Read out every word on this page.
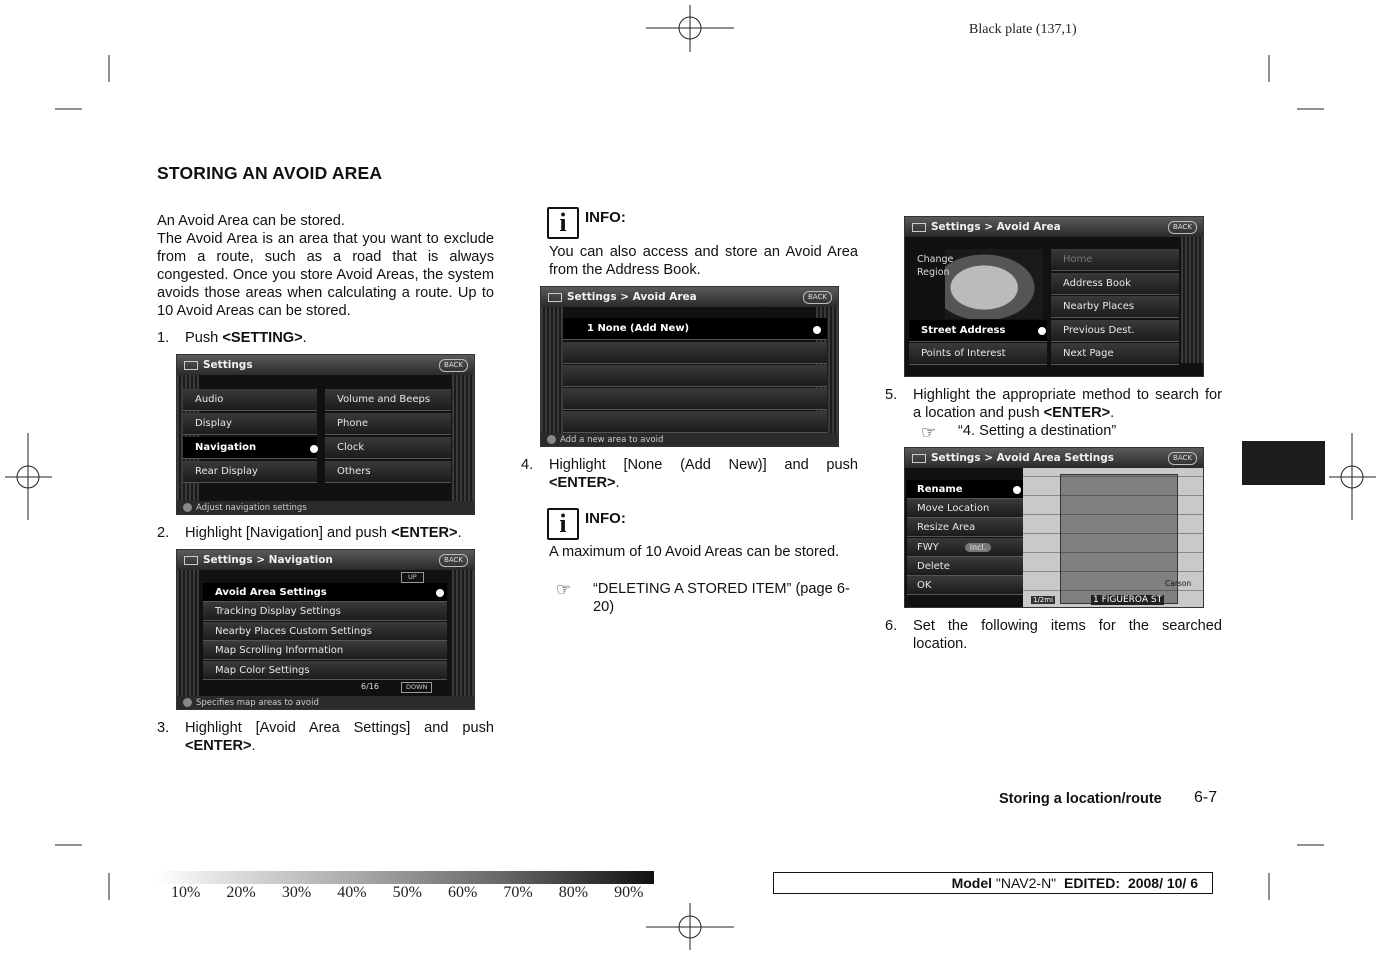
Black plate (137,1)
STORING AN AVOID AREA
An Avoid Area can be stored.
The Avoid Area is an area that you want to exclude from a route, such as a road that is always congested. Once you store Avoid Areas, the system avoids those areas when calculating a route. Up to 10 Avoid Areas can be stored.
1.	Push <SETTING>.
Settings	BACK
Audio
Display
Navigation
Rear Display
Volume and Beeps
Phone
Clock
Others
Adjust navigation settings
2.	Highlight [Navigation] and push <ENTER>.
Settings > Navigation	BACK
UP
Avoid Area Settings
Tracking Display Settings
Nearby Places Custom Settings
Map Scrolling Information
Map Color Settings
6/16	DOWN
Specifies map areas to avoid
3.	Highlight [Avoid Area Settings] and push <ENTER>.
i	INFO:
You can also access and store an Avoid Area from the Address Book.
Settings > Avoid Area	BACK
1 None (Add New)
Add a new area to avoid
4.	Highlight [None (Add New)] and push <ENTER>.
i	INFO:
A maximum of 10 Avoid Areas can be stored.
☞ “DELETING A STORED ITEM” (page 6-20)
Settings > Avoid Area	BACK
Change Region
Street Address
Points of Interest
Home
Address Book
Nearby Places
Previous Dest.
Next Page
5.	Highlight the appropriate method to search for a location and push <ENTER>.
☞ “4. Setting a destination”
Settings > Avoid Area Settings	BACK
Rename
Move Location
Resize Area
FWY	incl.
Delete
OK
1/2mi	1 FIGUEROA ST
Carson
6.	Set the following items for the searched location.
Storing a location/route 6-7
10%	20%	30%	40%	50%	60%	70%	80%	90%
Model "NAV2-N" EDITED: 2008/ 10/ 6
